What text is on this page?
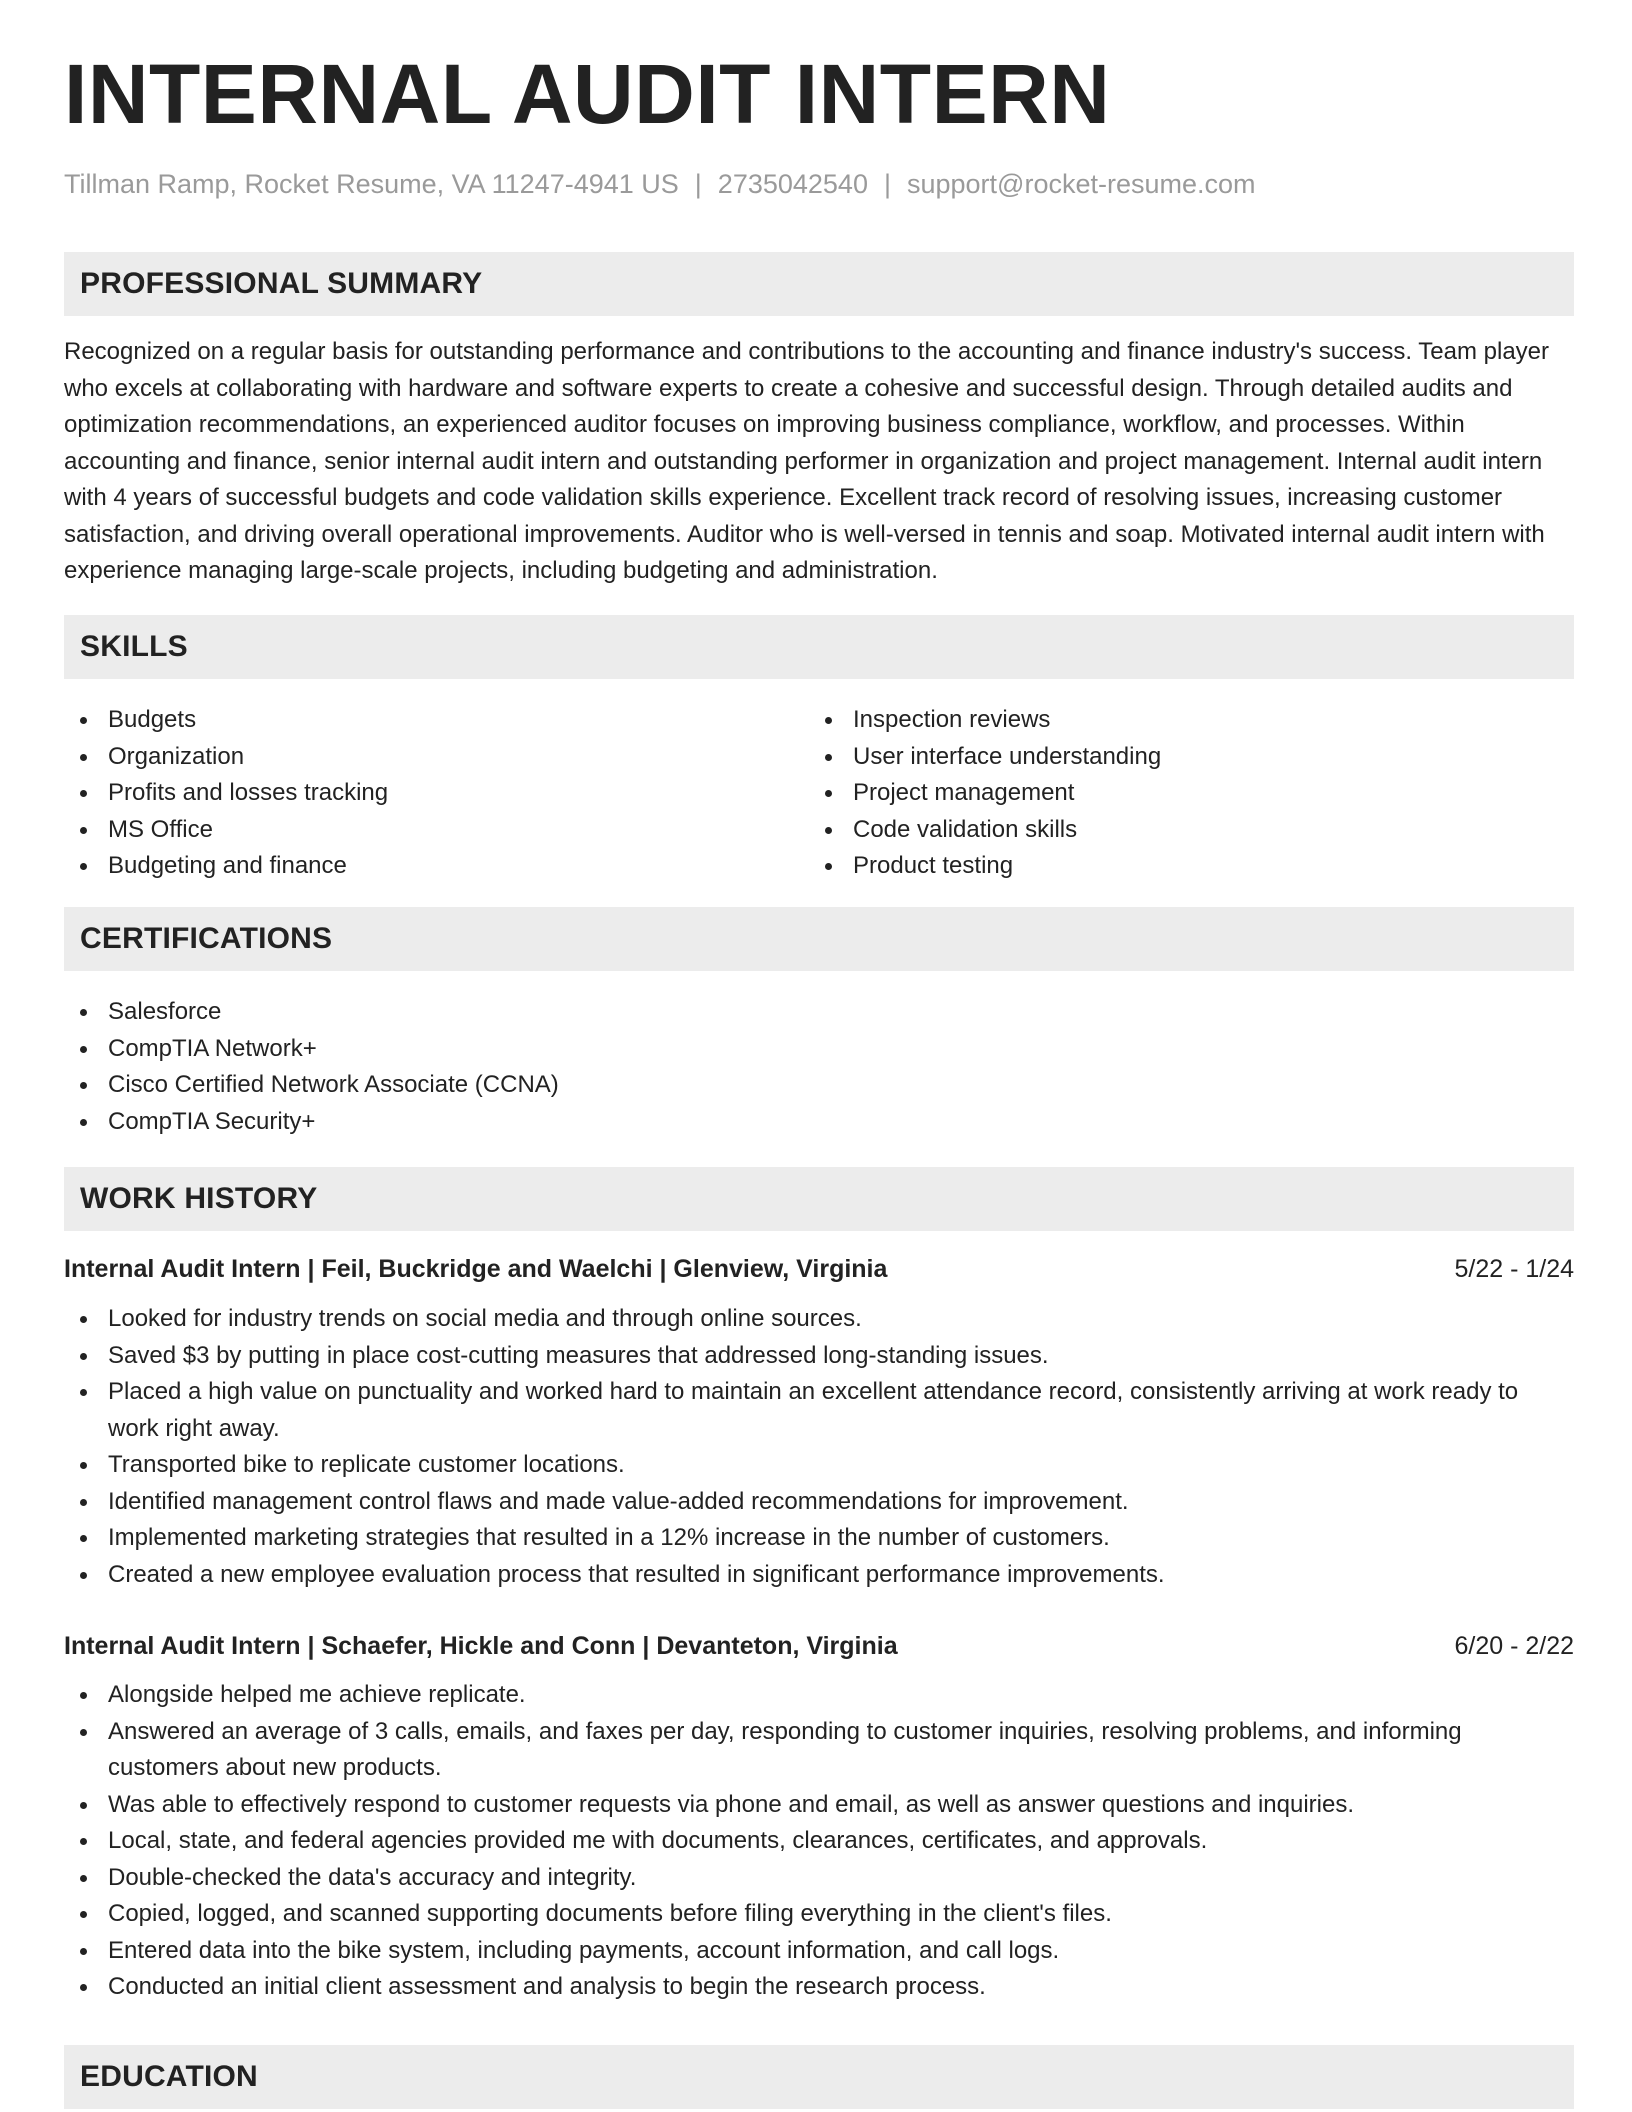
INTERNAL AUDIT INTERN
Tillman Ramp, Rocket Resume, VA 11247-4941 US | 2735042540 | support@rocket-resume.com
PROFESSIONAL SUMMARY

Recognized on a regular basis for outstanding performance and contributions to the accounting and finance industry's success. Team player who excels at collaborating with hardware and software experts to create a cohesive and successful design. Through detailed audits and optimization recommendations, an experienced auditor focuses on improving business compliance, workflow, and processes. Within accounting and finance, senior internal audit intern and outstanding performer in organization and project management. Internal audit intern with 4 years of successful budgets and code validation skills experience. Excellent track record of resolving issues, increasing customer satisfaction, and driving overall operational improvements. Auditor who is well-versed in tennis and soap. Motivated internal audit intern with experience managing large-scale projects, including budgeting and administration.

SKILLS
Budgets
Organization
Profits and losses tracking
MS Office
Budgeting and finance
Inspection reviews
User interface understanding
Project management
Code validation skills
Product testing
CERTIFICATIONS
Salesforce
CompTIA Network+
Cisco Certified Network Associate (CCNA)
CompTIA Security+
WORK HISTORY
Internal Audit Intern | Feil, Buckridge and Waelchi | Glenview, Virginia	5/22 - 1/24
Looked for industry trends on social media and through online sources.
Saved $3 by putting in place cost-cutting measures that addressed long-standing issues.
Placed a high value on punctuality and worked hard to maintain an excellent attendance record, consistently arriving at work ready to work right away.
Transported bike to replicate customer locations.
Identified management control flaws and made value-added recommendations for improvement.
Implemented marketing strategies that resulted in a 12% increase in the number of customers.
Created a new employee evaluation process that resulted in significant performance improvements.
Internal Audit Intern | Schaefer, Hickle and Conn | Devanteton, Virginia	6/20 - 2/22
Alongside helped me achieve replicate.
Answered an average of 3 calls, emails, and faxes per day, responding to customer inquiries, resolving problems, and informing customers about new products.
Was able to effectively respond to customer requests via phone and email, as well as answer questions and inquiries.
Local, state, and federal agencies provided me with documents, clearances, certificates, and approvals.
Double-checked the data's accuracy and integrity.
Copied, logged, and scanned supporting documents before filing everything in the client's files.
Entered data into the bike system, including payments, account information, and call logs.
Conducted an initial client assessment and analysis to begin the research process.
EDUCATION
